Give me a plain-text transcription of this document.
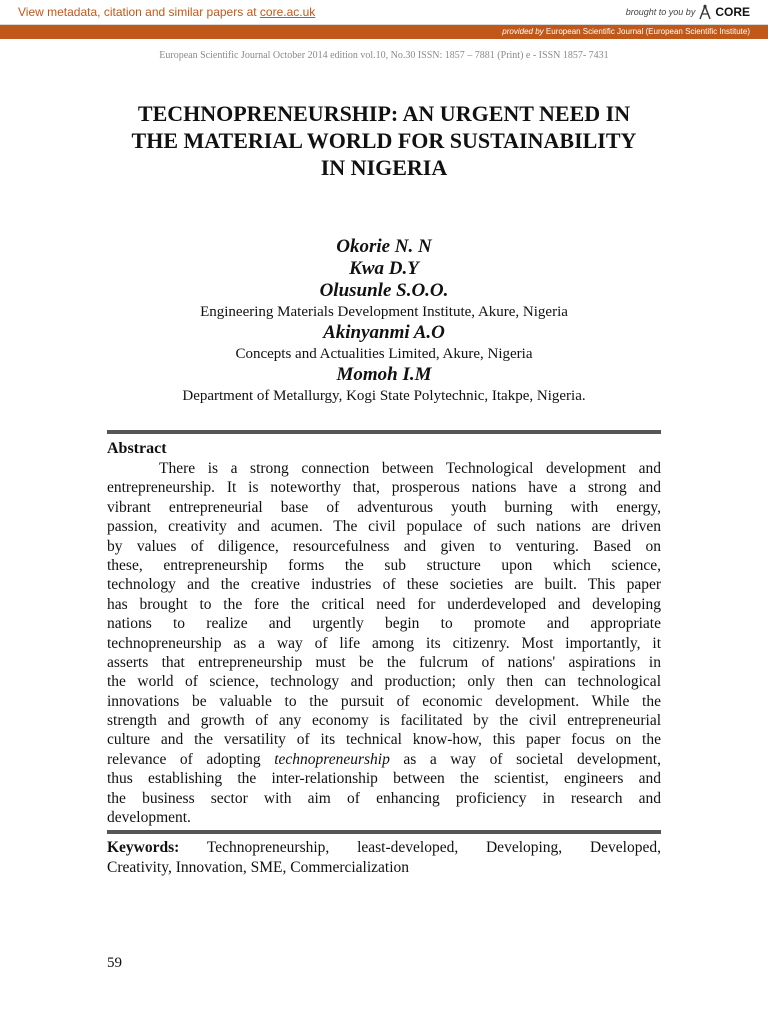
View metadata, citation and similar papers at core.ac.uk	brought to you by CORE
provided by European Scientific Journal (European Scientific Institute)
European Scientific Journal October 2014 edition vol.10, No.30 ISSN: 1857 – 7881 (Print) e - ISSN 1857- 7431
TECHNOPRENEURSHIP: AN URGENT NEED IN
THE MATERIAL WORLD FOR SUSTAINABILITY
IN NIGERIA
Okorie N. N
Kwa D.Y
Olusunle S.O.O.
Engineering Materials Development Institute, Akure, Nigeria
Akinyanmi A.O
Concepts and Actualities Limited, Akure, Nigeria
Momoh I.M
Department of Metallurgy, Kogi State Polytechnic, Itakpe, Nigeria.
Abstract
There is a strong connection between Technological development and
entrepreneurship. It is noteworthy that, prosperous nations have a strong and
vibrant entrepreneurial base of adventurous youth burning with energy,
passion, creativity and acumen. The civil populace of such nations are driven
by values of diligence, resourcefulness and given to venturing. Based on
these, entrepreneurship forms the sub structure upon which science,
technology and the creative industries of these societies are built. This paper
has brought to the fore the critical need for underdeveloped and developing
nations to realize and urgently begin to promote and appropriate
technopreneurship as a way of life among its citizenry. Most importantly, it
asserts that entrepreneurship must be the fulcrum of nations' aspirations in
the world of science, technology and production; only then can technological
innovations be valuable to the pursuit of economic development. While the
strength and growth of any economy is facilitated by the civil entrepreneurial
culture and the versatility of its technical know-how, this paper focus on the
relevance of adopting technopreneurship as a way of societal development,
thus establishing the inter-relationship between the scientist, engineers and
the business sector with aim of enhancing proficiency in research and
development.
Keywords: Technopreneurship, least-developed, Developing, Developed,
Creativity, Innovation, SME, Commercialization
59
